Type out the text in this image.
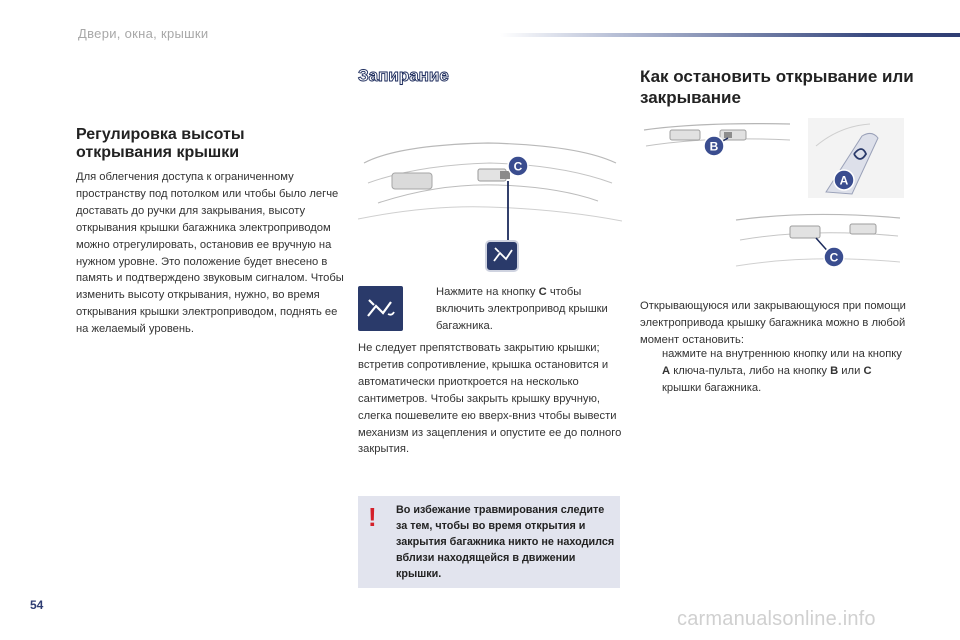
Двери, окна, крышки
Регулировка высоты открывания крышки

Для облегчения доступа к ограниченному пространству под потолком или чтобы было легче доставать до ручки для закрывания, высоту открывания крышки багажника электроприводом можно отрегулировать, остановив ее вручную на нужном уровне. Это положение будет внесено в память и подтверждено звуковым сигналом. Чтобы изменить высоту открывания, нужно, во время открывания крышки электроприводом, поднять ее на желаемый уровень.

Запирание
C
Нажмите на кнопку C чтобы включить электропривод крышки багажника.

Не следует препятствовать закрытию крышки; встретив сопротивление, крышка остановится и автоматически приоткроется на несколько сантиметров. Чтобы закрыть крышку вручную, слегка пошевелите ею вверх-вниз чтобы вывести механизм из зацепления и опустите ее до полного закрытия.

! Во избежание травмирования следите за тем, чтобы во время открытия и закрытия багажника никто не находился вблизи находящейся в движении крышки.
Как остановить открывание или закрывание
B
A
C

Открывающуюся или закрывающуюся при помощи электропривода крышку багажника можно в любой момент остановить:

нажмите на внутреннюю кнопку или на кнопку A ключа-пульта, либо на кнопку B или C крышки багажника.
54
carmanualsonline.info
